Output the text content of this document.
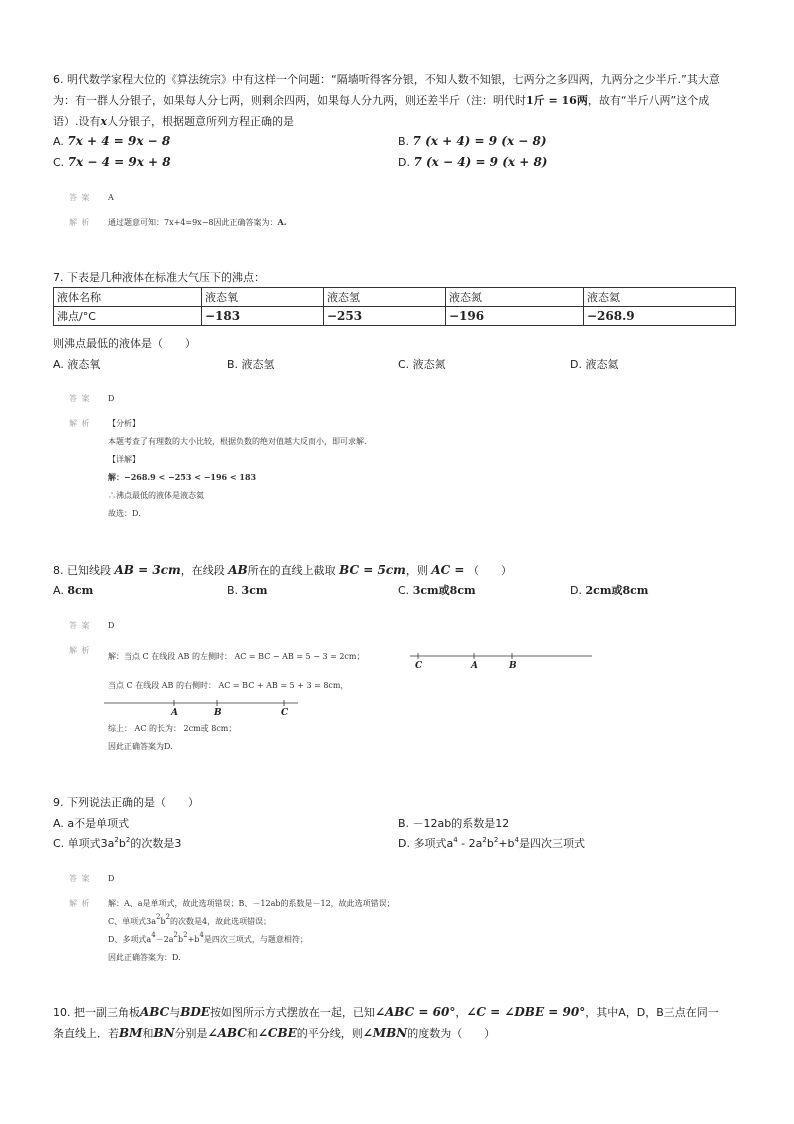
6. 明代数学家程大位的《算法统宗》中有这样一个问题：“隔墙听得客分银，不知人数不知银，七两分之多四两，九两分之少半斤.”其大意
为：有一群人分银子，如果每人分七两，则剩余四两，如果每人分九两，则还差半斤（注：明代时1斤 = 16两，故有“半斤八两”这个成
语）.设有x人分银子，根据题意所列方程正确的是
A. 7x + 4 = 9x − 8	B. 7 (x + 4) = 9 (x − 8)
C. 7x − 4 = 9x + 8	D. 7 (x − 4) = 9 (x + 8)
答 案 A
解 析 通过题意可知：7x+4=9x−8因此正确答案为：A.
7. 下表是几种液体在标准大气压下的沸点：
液体名称	液态氧	液态氢	液态氮	液态氦
沸点/°C	−183	−253	−196	−268.9
则沸点最低的液体是（　　）
A. 液态氧	B. 液态氢	C. 液态氮	D. 液态氦
答 案 D
解 析 【分析】
本题考查了有理数的大小比较，根据负数的绝对值越大反而小，即可求解.
【详解】
解：−268.9 < −253 < −196 < 183
∴沸点最低的液体是液态氦
故选：D.
8. 已知线段 AB = 3cm，在线段 AB所在的直线上截取 BC = 5cm，则 AC = （　　）
A. 8cm	B. 3cm	C. 3cm或8cm	D. 2cm或8cm
答 案 D
解 析
解：当点 C 在线段 AB 的左侧时： AC = BC − AB = 5 − 3 = 2cm；
C	A	B
当点 C 在线段 AB 的右侧时： AC = BC + AB = 5 + 3 = 8cm，
A	B	C
综上： AC 的长为： 2cm或 8cm；
因此正确答案为D.
9. 下列说法正确的是（　　）
A. a不是单项式	B. －12ab的系数是12
C. 单项式$3a^2b^2$的次数是3	D. 多项式$a^4 - 2a^2b^2+b^4$是四次三项式
答 案 D
解 析 解：A、a是单项式，故此选项错误；B、－12ab的系数是－12，故此选项错误；
C、单项式$3a^2b^2$的次数是4，故此选项错误；
D、多项式$a^4-2a^2b^2+b^4$是四次三项式，与题意相符；
因此正确答案为：D.
10. 把一副三角板ABC与BDE按如图所示方式摆放在一起，已知∠ABC = 60°，∠C = ∠DBE = 90°，其中A，D，B三点在同一
条直线上．若BM和BN分别是∠ABC和∠CBE的平分线，则∠MBN的度数为（　　）
